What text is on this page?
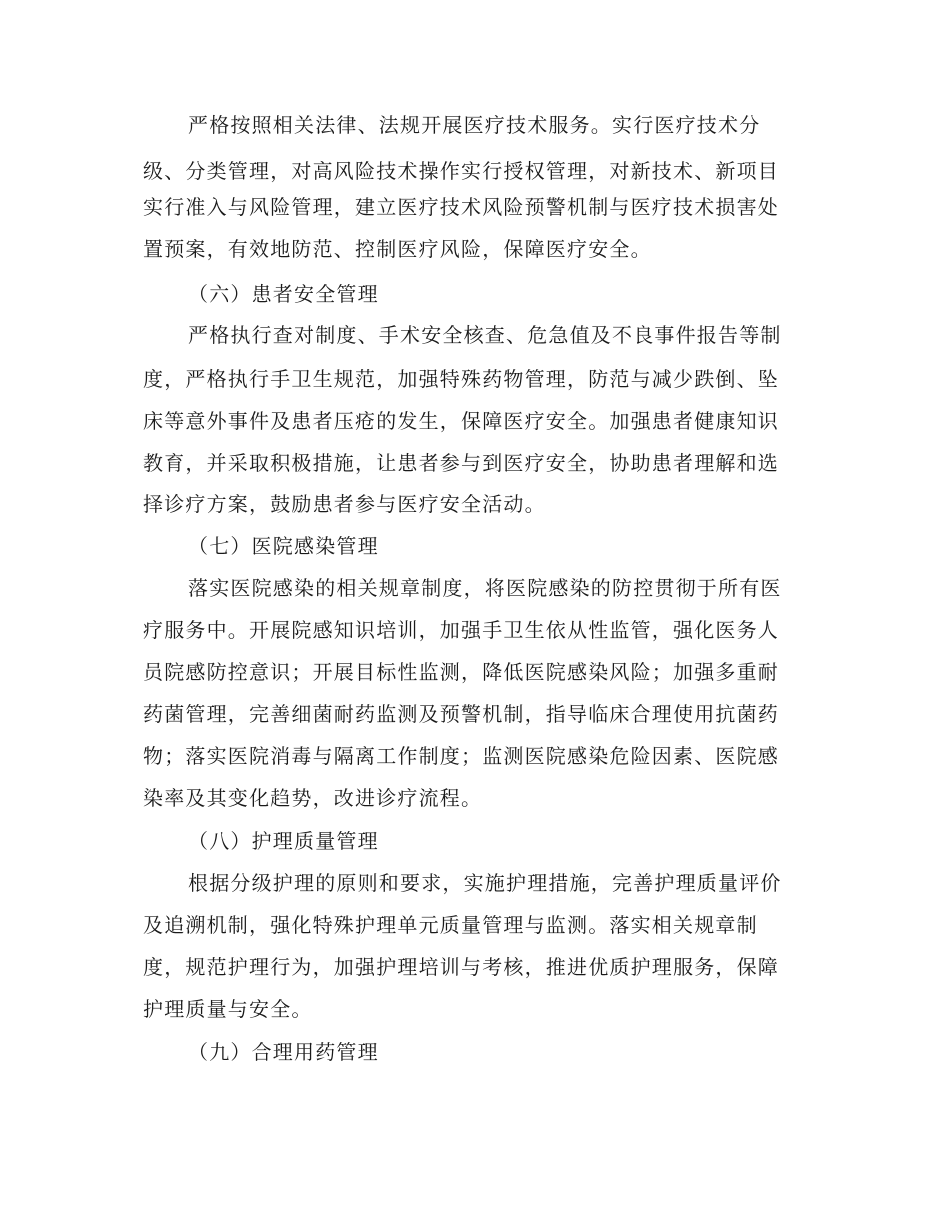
严格按照相关法律、法规开展医疗技术服务。实行医疗技术分
级、分类管理，对高风险技术操作实行授权管理，对新技术、新项目
实行准入与风险管理，建立医疗技术风险预警机制与医疗技术损害处
置预案，有效地防范、控制医疗风险，保障医疗安全。
（六）患者安全管理
严格执行查对制度、手术安全核查、危急值及不良事件报告等制
度，严格执行手卫生规范，加强特殊药物管理，防范与减少跌倒、坠
床等意外事件及患者压疮的发生，保障医疗安全。加强患者健康知识
教育，并采取积极措施，让患者参与到医疗安全，协助患者理解和选
择诊疗方案，鼓励患者参与医疗安全活动。
（七）医院感染管理
落实医院感染的相关规章制度，将医院感染的防控贯彻于所有医
疗服务中。开展院感知识培训，加强手卫生依从性监管，强化医务人
员院感防控意识；开展目标性监测，降低医院感染风险；加强多重耐
药菌管理，完善细菌耐药监测及预警机制，指导临床合理使用抗菌药
物；落实医院消毒与隔离工作制度；监测医院感染危险因素、医院感
染率及其变化趋势，改进诊疗流程。
（八）护理质量管理
根据分级护理的原则和要求，实施护理措施，完善护理质量评价
及追溯机制，强化特殊护理单元质量管理与监测。落实相关规章制
度，规范护理行为，加强护理培训与考核，推进优质护理服务，保障
护理质量与安全。
（九）合理用药管理
